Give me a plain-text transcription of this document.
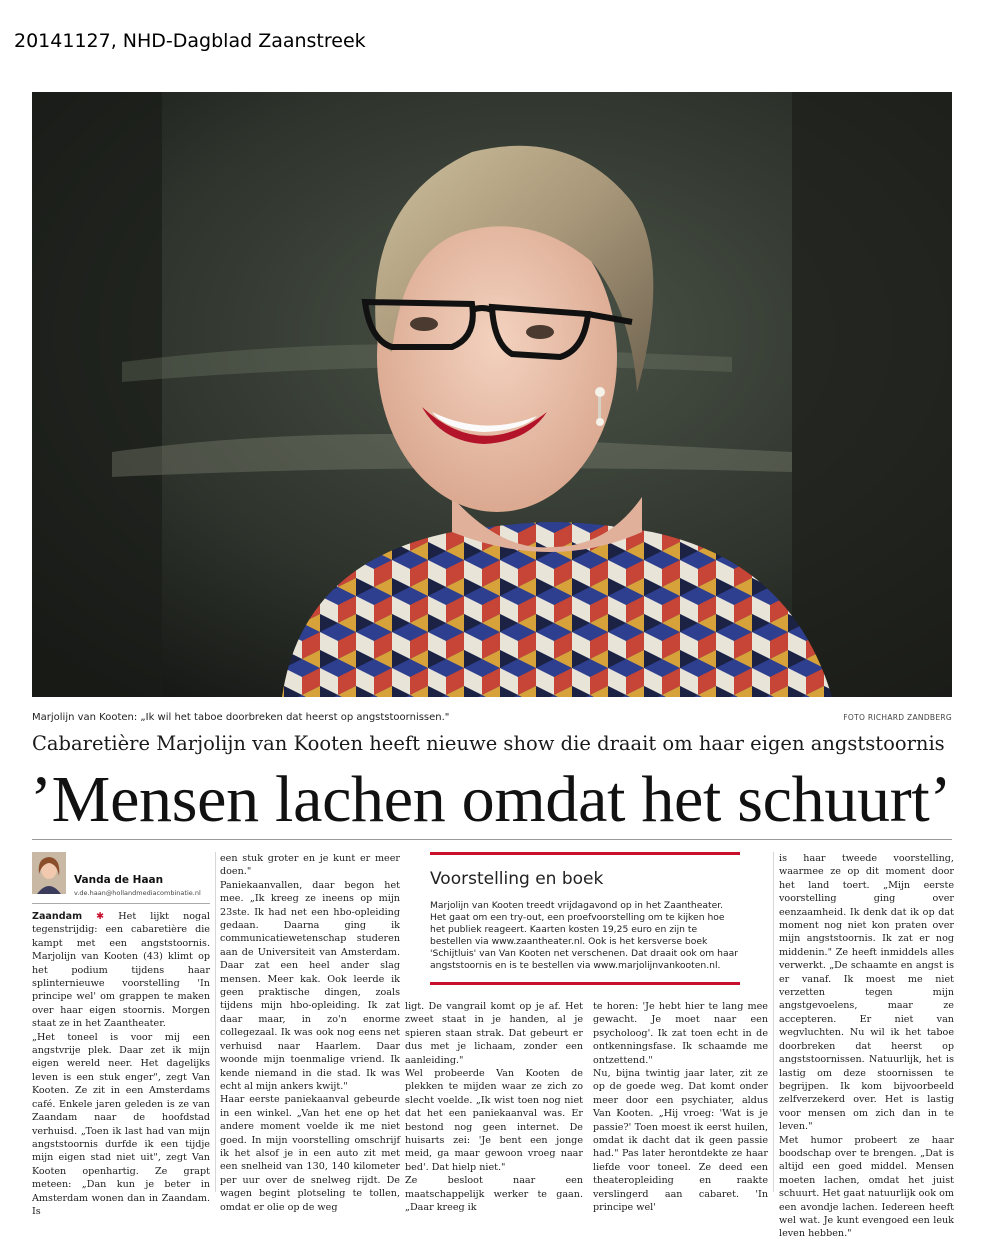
20141127, NHD-Dagblad Zaanstreek
Marjolijn van Kooten: „Ik wil het taboe doorbreken dat heerst op angststoornissen."	FOTO RICHARD ZANDBERG
Cabaretière Marjolijn van Kooten heeft nieuwe show die draait om haar eigen angststoornis
’Mensen lachen omdat het schuurt’
Vanda de Haan
v.de.haan@hollandmediacombinatie.nl

Zaandam ✱ Het lijkt nogal tegenstrijdig: een cabaretière die kampt met een angststoornis. Marjolijn van Kooten (43) klimt op het podium tijdens haar splinternieuwe voorstelling 'In principe wel' om grappen te maken over haar eigen stoornis. Morgen staat ze in het Zaantheater.

„Het toneel is voor mij een angstvrije plek. Daar zet ik mijn eigen wereld neer. Het dagelijks leven is een stuk enger", zegt Van Kooten. Ze zit in een Amsterdams café. Enkele jaren geleden is ze van Zaandam naar de hoofdstad verhuisd. „Toen ik last had van mijn angststoornis durfde ik een tijdje mijn eigen stad niet uit", zegt Van Kooten openhartig. Ze grapt meteen: „Dan kun je beter in Amsterdam wonen dan in Zaandam. Is

een stuk groter en je kunt er meer doen."

Paniekaanvallen, daar begon het mee. „Ik kreeg ze ineens op mijn 23ste. Ik had net een hbo-opleiding gedaan. Daarna ging ik communicatiewetenschap studeren aan de Universiteit van Amsterdam. Daar zat een heel ander slag mensen. Meer kak. Ook leerde ik geen praktische dingen, zoals tijdens mijn hbo-opleiding. Ik zat daar maar, in zo'n enorme collegezaal. Ik was ook nog eens net verhuisd naar Haarlem. Daar woonde mijn toenmalige vriend. Ik kende niemand in die stad. Ik was echt al mijn ankers kwijt."

Haar eerste paniekaanval gebeurde in een winkel. „Van het ene op het andere moment voelde ik me niet goed. In mijn voorstelling omschrijf ik het alsof je in een auto zit met een snelheid van 130, 140 kilometer per uur over de snelweg rijdt. De wagen begint plotseling te tollen, omdat er olie op de weg

Voorstelling en boek
Marjolijn van Kooten treedt vrijdagavond op in het Zaantheater. Het gaat om een try-out, een proefvoorstelling om te kijken hoe het publiek reageert. Kaarten kosten 19,25 euro en zijn te bestellen via www.zaantheater.nl. Ook is het kersverse boek 'Schijtluis' van Van Kooten net verschenen. Dat draait ook om haar angststoornis en is te bestellen via www.marjolijnvankooten.nl.

ligt. De vangrail komt op je af. Het zweet staat in je handen, al je spieren staan strak. Dat gebeurt er dus met je lichaam, zonder een aanleiding."

Wel probeerde Van Kooten de plekken te mijden waar ze zich zo slecht voelde. „Ik wist toen nog niet dat het een paniekaanval was. Er bestond nog geen internet. De huisarts zei: 'Je bent een jonge meid, ga maar gewoon vroeg naar bed'. Dat hielp niet."

Ze besloot naar een maatschappelijk werker te gaan. „Daar kreeg ik

te horen: 'Je hebt hier te lang mee gewacht. Je moet naar een psycholoog'. Ik zat toen echt in de ontkenningsfase. Ik schaamde me ontzettend."

Nu, bijna twintig jaar later, zit ze op de goede weg. Dat komt onder meer door een psychiater, aldus Van Kooten. „Hij vroeg: 'Wat is je passie?' Toen moest ik eerst huilen, omdat ik dacht dat ik geen passie had." Pas later herontdekte ze haar liefde voor toneel. Ze deed een theateropleiding en raakte verslingerd aan cabaret. 'In principe wel'

is haar tweede voorstelling, waarmee ze op dit moment door het land toert. „Mijn eerste voorstelling ging over eenzaamheid. Ik denk dat ik op dat moment nog niet kon praten over mijn angststoornis. Ik zat er nog middenin." Ze heeft inmiddels alles verwerkt. „De schaamte en angst is er vanaf. Ik moest me niet verzetten tegen mijn angstgevoelens, maar ze accepteren. Er niet van wegvluchten. Nu wil ik het taboe doorbreken dat heerst op angststoornissen. Natuurlijk, het is lastig om deze stoornissen te begrijpen. Ik kom bijvoorbeeld zelfverzekerd over. Het is lastig voor mensen om zich dan in te leven."

Met humor probeert ze haar boodschap over te brengen. „Dat is altijd een goed middel. Mensen moeten lachen, omdat het juist schuurt. Het gaat natuurlijk ook om een avondje lachen. Iedereen heeft wel wat. Je kunt evengoed een leuk leven hebben."
